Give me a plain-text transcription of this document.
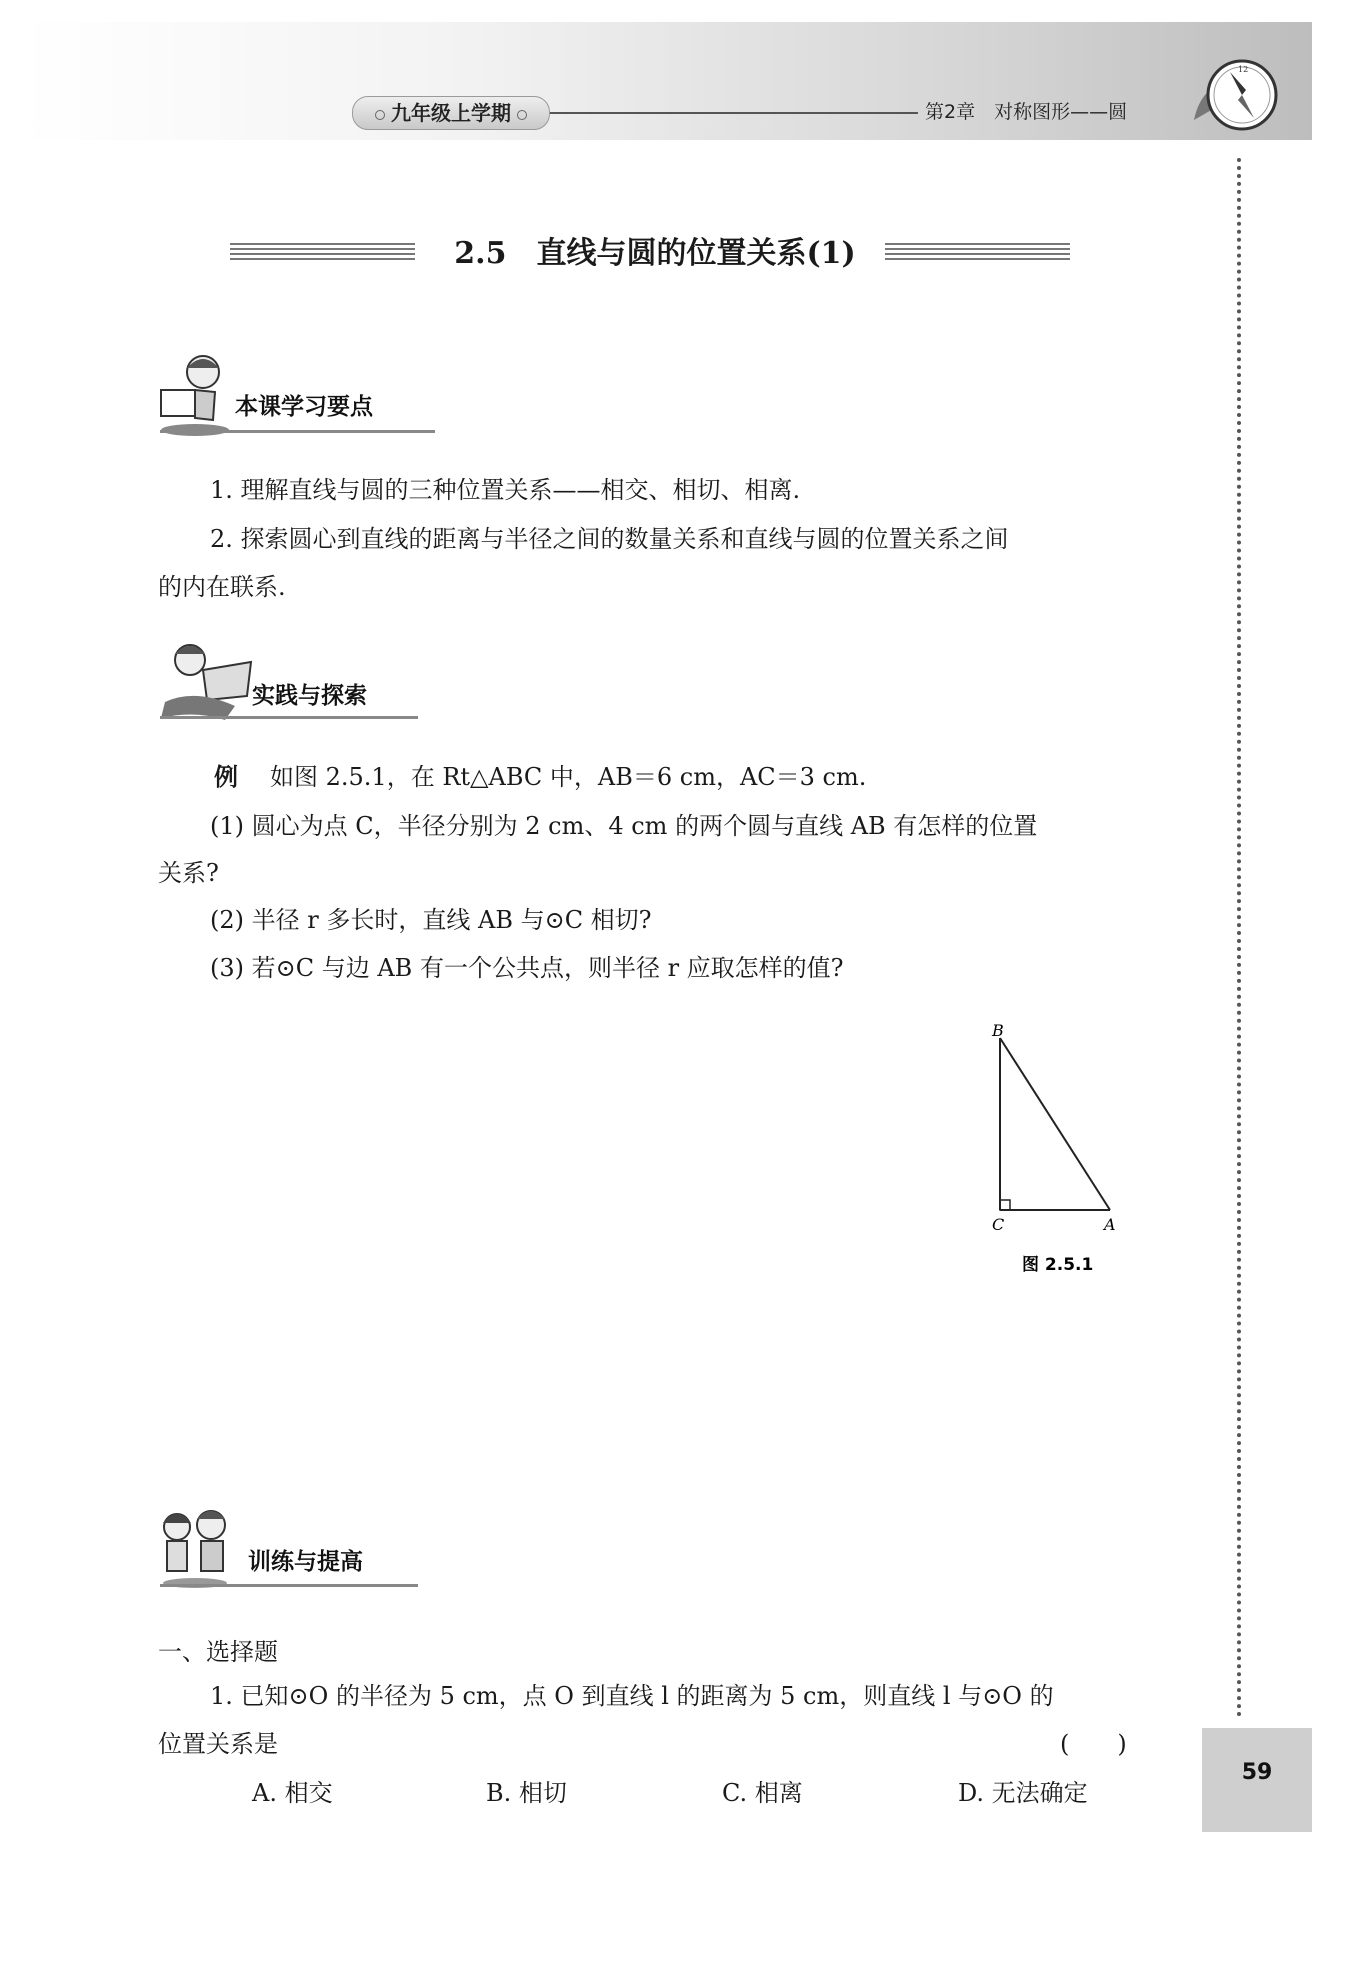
九年级上学期	第2章　对称图形——圆
12
2.5　直线与圆的位置关系(1)
本课学习要点
1. 理解直线与圆的三种位置关系——相交、相切、相离.
2. 探索圆心到直线的距离与半径之间的数量关系和直线与圆的位置关系之间
的内在联系.
实践与探索
例 如图 2.5.1，在 Rt△ABC 中，AB＝6 cm，AC＝3 cm.
(1) 圆心为点 C，半径分别为 2 cm、4 cm 的两个圆与直线 AB 有怎样的位置
关系?
(2) 半径 r 多长时，直线 AB 与⊙C 相切?
(3) 若⊙C 与边 AB 有一个公共点，则半径 r 应取怎样的值?
B
C	A
图 2.5.1
训练与提高
一、选择题
1. 已知⊙O 的半径为 5 cm，点 O 到直线 l 的距离为 5 cm，则直线 l 与⊙O 的
位置关系是	(　　)
A. 相交	B. 相切	C. 相离	D. 无法确定
59
